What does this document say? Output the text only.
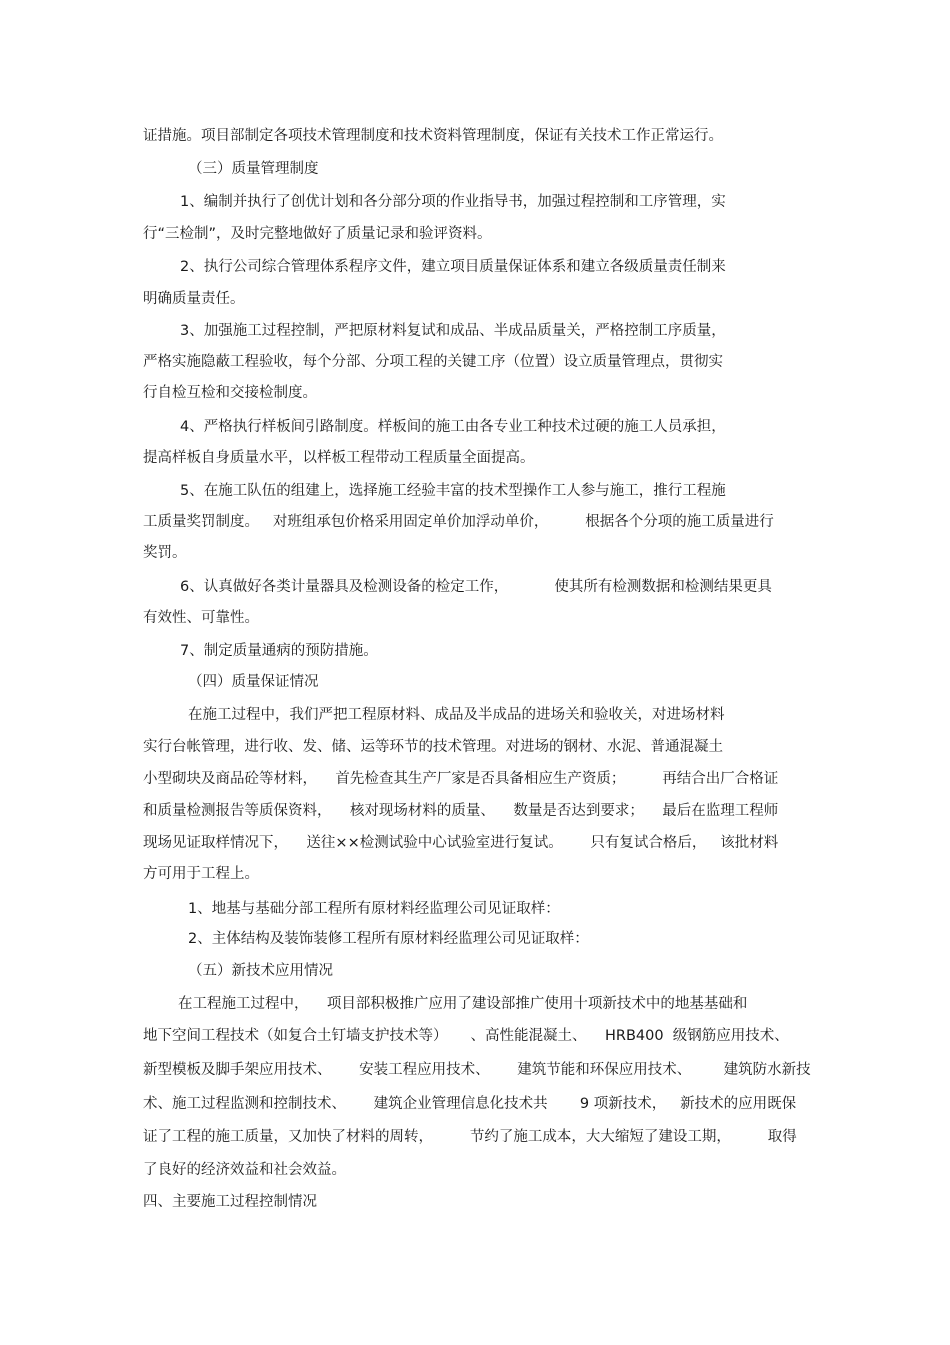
证措施。项目部制定各项技术管理制度和技术资料管理制度，保证有关技术工作正常运行。
（三）质量管理制度
1、编制并执行了创优计划和各分部分项的作业指导书，加强过程控制和工序管理，实
行“三检制”，及时完整地做好了质量记录和验评资料。
2、执行公司综合管理体系程序文件，建立项目质量保证体系和建立各级质量责任制来
明确质量责任。
3、加强施工过程控制，严把原材料复试和成品、半成品质量关，严格控制工序质量，
严格实施隐蔽工程验收，每个分部、分项工程的关键工序（位置）设立质量管理点，贯彻实
行自检互检和交接检制度。
4、严格执行样板间引路制度。样板间的施工由各专业工种技术过硬的施工人员承担，
提高样板自身质量水平，以样板工程带动工程质量全面提高。
5、在施工队伍的组建上，选择施工经验丰富的技术型操作工人参与施工，推行工程施
工质量奖罚制度。   对班组承包价格采用固定单价加浮动单价，        根据各个分项的施工质量进行
奖罚。
6、认真做好各类计量器具及检测设备的检定工作，          使其所有检测数据和检测结果更具
有效性、可靠性。
7、制定质量通病的预防措施。
（四）质量保证情况
在施工过程中，我们严把工程原材料、成品及半成品的进场关和验收关，对进场材料
实行台帐管理，进行收、发、储、运等环节的技术管理。对进场的钢材、水泥、普通混凝土
小型砌块及商品砼等材料，    首先检查其生产厂家是否具备相应生产资质；        再结合出厂合格证
和质量检测报告等质保资料，    核对现场材料的质量、    数量是否达到要求；    最后在监理工程师
现场见证取样情况下，    送往××检测试验中心试验室进行复试。      只有复试合格后，   该批材料
方可用于工程上。
1、地基与基础分部工程所有原材料经监理公司见证取样：
2、主体结构及装饰装修工程所有原材料经监理公司见证取样：
（五）新技术应用情况
在工程施工过程中，    项目部积极推广应用了建设部推广使用十项新技术中的地基基础和
地下空间工程技术（如复合土钉墙支护技术等）     、高性能混凝土、    HRB400  级钢筋应用技术、
新型模板及脚手架应用技术、      安装工程应用技术、      建筑节能和环保应用技术、       建筑防水新技
术、施工过程监测和控制技术、      建筑企业管理信息化技术共       9 项新技术，   新技术的应用既保
证了工程的施工质量，又加快了材料的周转，        节约了施工成本，大大缩短了建设工期，        取得
了良好的经济效益和社会效益。
四、主要施工过程控制情况
